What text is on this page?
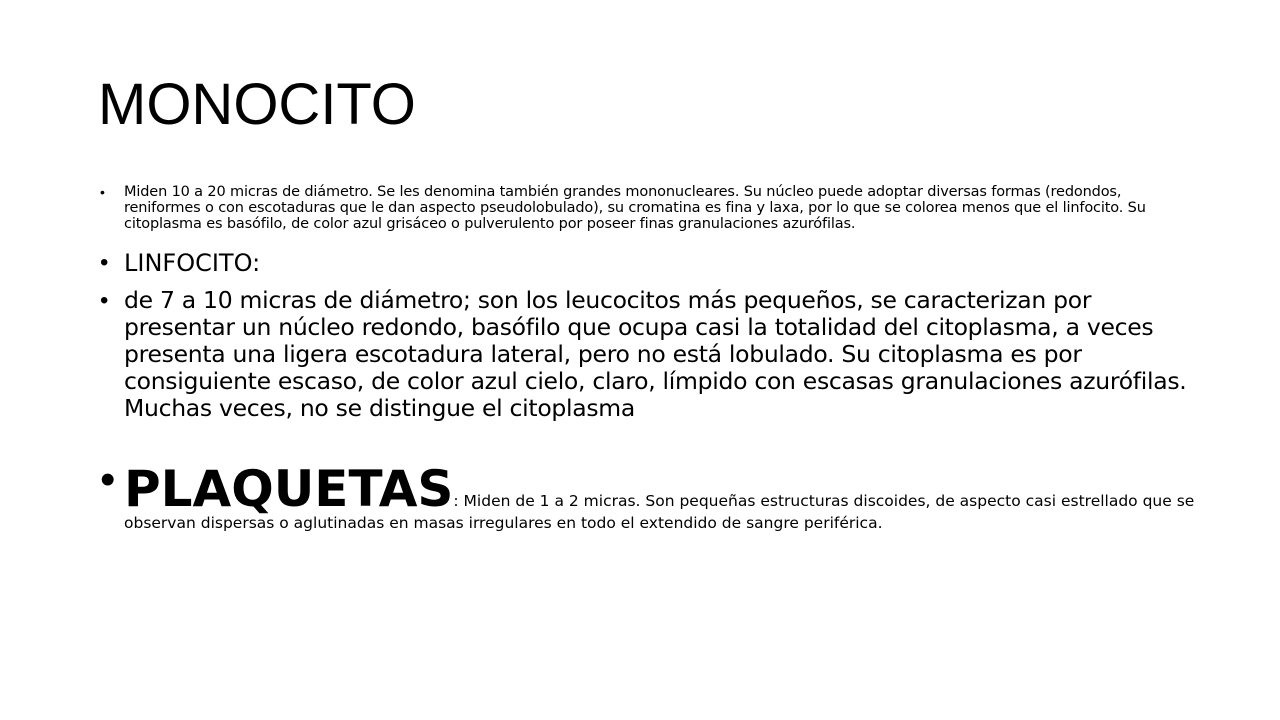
MONOCITO
• Miden 10 a 20 micras de diámetro. Se les denomina también grandes mononucleares. Su núcleo puede adoptar diversas formas (redondos, reniformes o con escotaduras que le dan aspecto pseudolobulado), su cromatina es fina y laxa, por lo que se colorea menos que el linfocito. Su citoplasma es basófilo, de color azul grisáceo o pulverulento por poseer finas granulaciones azurófilas.
• LINFOCITO:
• de 7 a 10 micras de diámetro; son los leucocitos más pequeños, se caracterizan por presentar un núcleo redondo, basófilo que ocupa casi la totalidad del citoplasma, a veces presenta una ligera escotadura lateral, pero no está lobulado. Su citoplasma es por consiguiente escaso, de color azul cielo, claro, límpido con escasas granulaciones azurófilas. Muchas veces, no se distingue el citoplasma
• PLAQUETAS: Miden de 1 a 2 micras. Son pequeñas estructuras discoides, de aspecto casi estrellado que se
observan dispersas o aglutinadas en masas irregulares en todo el extendido de sangre periférica.
